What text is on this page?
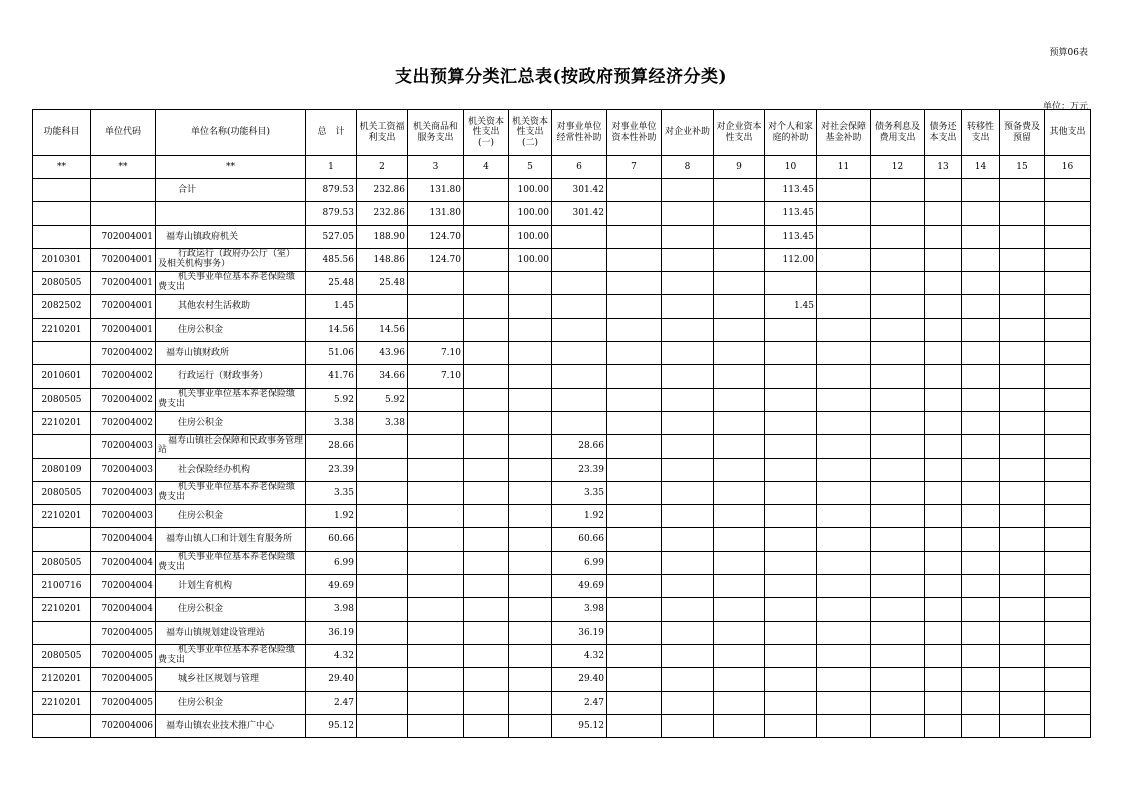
预算06表
支出预算分类汇总表(按政府预算经济分类)
单位：万元
功能科目	单位代码	单位名称(功能科目)	总　计	机关工资福利支出	机关商品和服务支出	机关资本性支出(一)	机关资本性支出(二)	对事业单位经常性补助	对事业单位资本性补助	对企业补助	对企业资本性支出	对个人和家庭的补助	对社会保障基金补助	债务利息及费用支出	债务还本支出	转移性支出	预备费及预留	其他支出	
**	**	**	1	2	3	4	5	6	7	8	9	10	11	12	13	14	15	16	
		合计	879.53	232.86	131.80		100.00	301.42				113.45							
			879.53	232.86	131.80		100.00	301.42				113.45							
	702004001	福寿山镇政府机关	527.05	188.90	124.70		100.00					113.45							
2010301	702004001	行政运行（政府办公厅（室）及相关机构事务）	485.56	148.86	124.70		100.00					112.00							
2080505	702004001	机关事业单位基本养老保险缴费支出	25.48	25.48															
2082502	702004001	其他农村生活救助	1.45									1.45							
2210201	702004001	住房公积金	14.56	14.56															
	702004002	福寿山镇财政所	51.06	43.96	7.10														
2010601	702004002	行政运行（财政事务）	41.76	34.66	7.10														
2080505	702004002	机关事业单位基本养老保险缴费支出	5.92	5.92															
2210201	702004002	住房公积金	3.38	3.38															
	702004003	福寿山镇社会保障和民政事务管理站	28.66					28.66											
2080109	702004003	社会保险经办机构	23.39					23.39											
2080505	702004003	机关事业单位基本养老保险缴费支出	3.35					3.35											
2210201	702004003	住房公积金	1.92					1.92											
	702004004	福寿山镇人口和计划生育服务所	60.66					60.66											
2080505	702004004	机关事业单位基本养老保险缴费支出	6.99					6.99											
2100716	702004004	计划生育机构	49.69					49.69											
2210201	702004004	住房公积金	3.98					3.98											
	702004005	福寿山镇规划建设管理站	36.19					36.19											
2080505	702004005	机关事业单位基本养老保险缴费支出	4.32					4.32											
2120201	702004005	城乡社区规划与管理	29.40					29.40											
2210201	702004005	住房公积金	2.47					2.47											
	702004006	福寿山镇农业技术推广中心	95.12					95.12											
